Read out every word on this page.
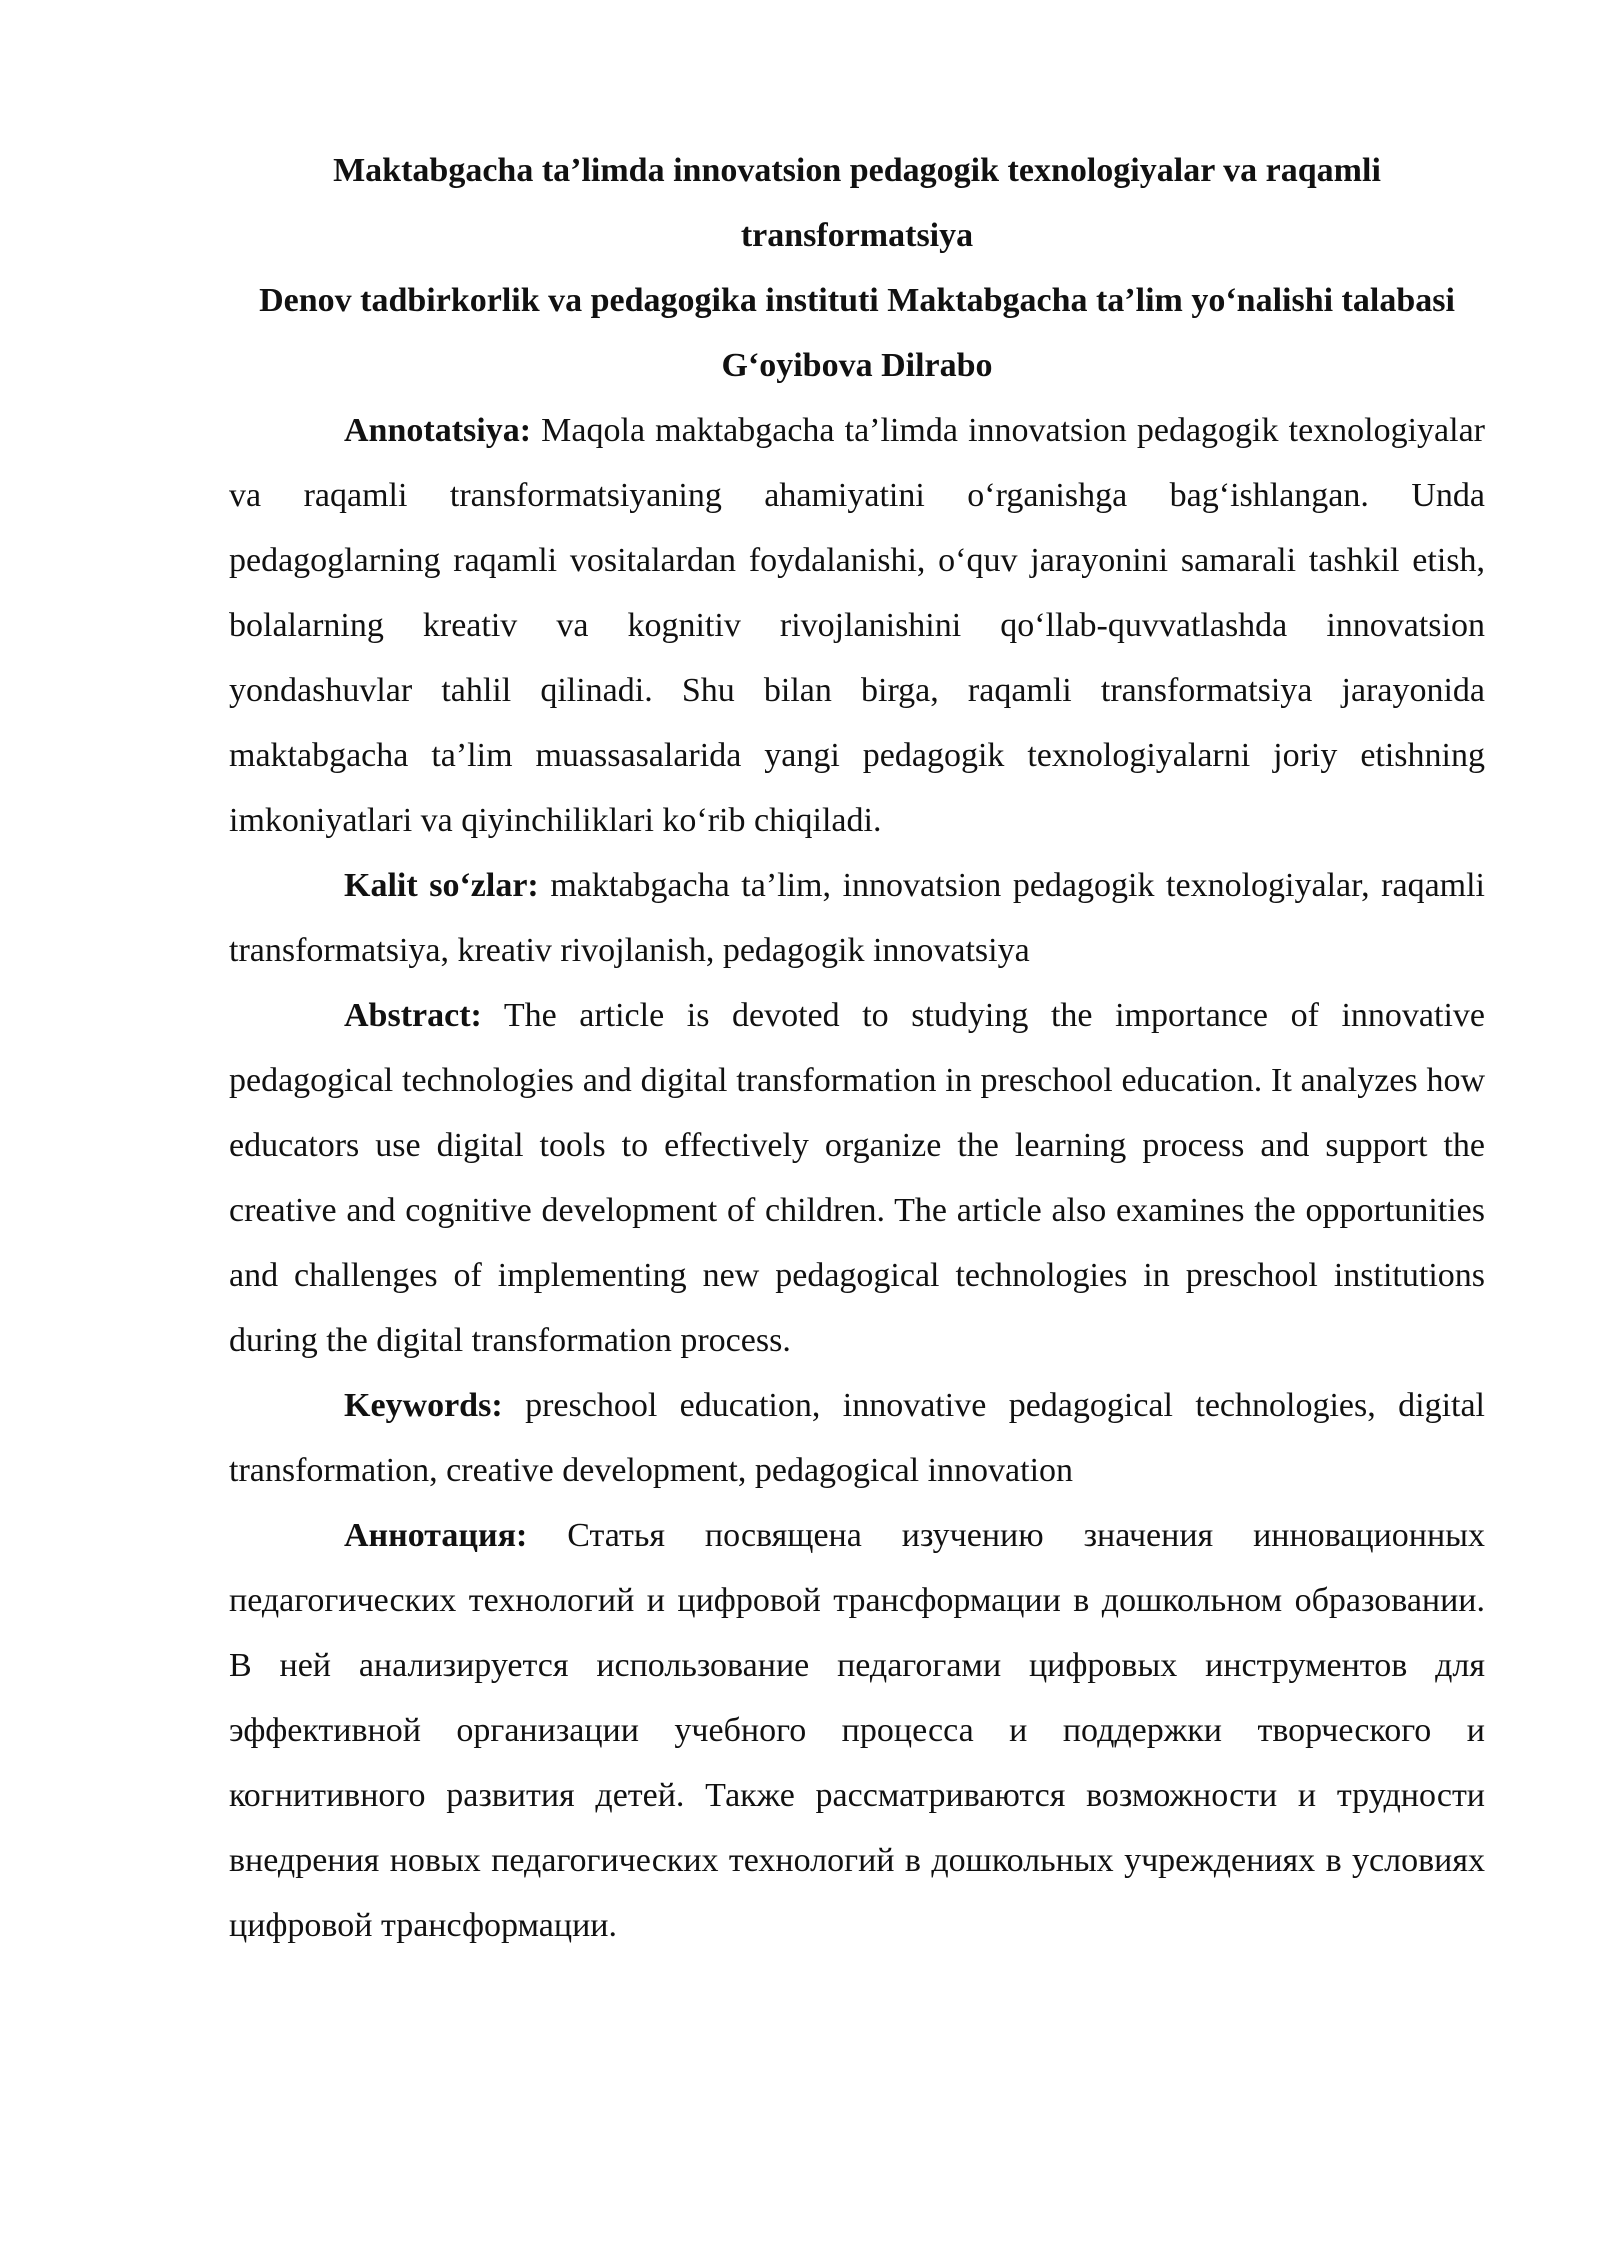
Maktabgacha ta’limda innovatsion pedagogik texnologiyalar va raqamli transformatsiya

Denov tadbirkorlik va pedagogika instituti Maktabgacha ta’lim yo‘nalishi talabasi G‘oyibova Dilrabo

Annotatsiya: Maqola maktabgacha ta’limda innovatsion pedagogik texnologiyalar va raqamli transformatsiyaning ahamiyatini o‘rganishga bag‘ishlangan. Unda pedagoglarning raqamli vositalardan foydalanishi, o‘quv jarayonini samarali tashkil etish, bolalarning kreativ va kognitiv rivojlanishini qo‘llab-quvvatlashda innovatsion yondashuvlar tahlil qilinadi. Shu bilan birga, raqamli transformatsiya jarayonida maktabgacha ta’lim muassasalarida yangi pedagogik texnologiyalarni joriy etishning imkoniyatlari va qiyinchiliklari ko‘rib chiqiladi.

Kalit so‘zlar: maktabgacha ta’lim, innovatsion pedagogik texnologiyalar, raqamli transformatsiya, kreativ rivojlanish, pedagogik innovatsiya

Abstract: The article is devoted to studying the importance of innovative pedagogical technologies and digital transformation in preschool education. It analyzes how educators use digital tools to effectively organize the learning process and support the creative and cognitive development of children. The article also examines the opportunities and challenges of implementing new pedagogical technologies in preschool institutions during the digital transformation process.

Keywords: preschool education, innovative pedagogical technologies, digital transformation, creative development, pedagogical innovation

Аннотация: Статья посвящена изучению значения инновационных педагогических технологий и цифровой трансформации в дошкольном образовании. В ней анализируется использование педагогами цифровых инструментов для эффективной организации учебного процесса и поддержки творческого и когнитивного развития детей. Также рассматриваются возможности и трудности внедрения новых педагогических технологий в дошкольных учреждениях в условиях цифровой трансформации.
